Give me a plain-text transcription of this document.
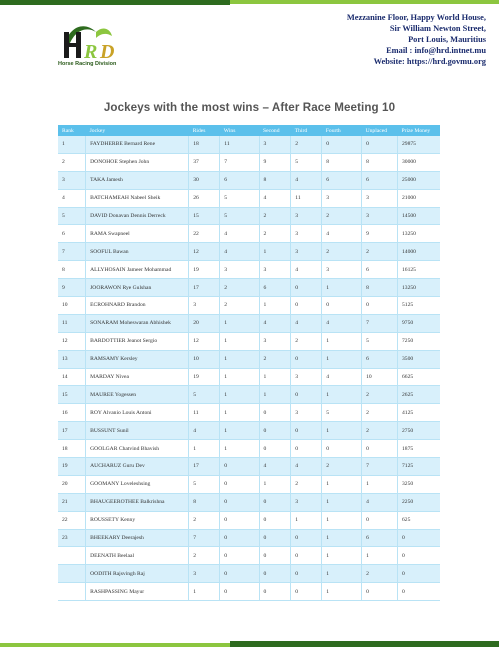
R D
Horse Racing Division
Mezzanine Floor, Happy World House,
Sir William Newton Street,
Port Louis, Mauritius
Email : info@hrd.intnet.mu
Website: https://hrd.govmu.org
Jockeys with the most wins – After Race Meeting 10
Rank	Jockey	Rides	Wins	Second	Third	Fourth	Unplaced	Prize Money
1	FAYDHERBE Bernard Rene	18	11	3	2	0	0	29875
2	DONOHOE Stephen John	37	7	9	5	8	8	30000
3	TAKA Jamesh	30	6	8	4	6	6	25000
4	BATCHAMEAH Nabeel Sheik	26	5	4	11	3	3	21000
5	DAVID Donavan Dennis Derreck	15	5	2	3	2	3	14500
6	RAMA Swapneel	22	4	2	3	4	9	13250
7	SOOFUL Bawan	12	4	1	3	2	2	14000
8	ALLYHOSAIN Jameer Mohammad	19	3	3	4	3	6	16125
9	JOORAWON Rye Gulshan	17	2	6	0	1	8	13250
10	ECROHNARD Brandon	3	2	1	0	0	0	5125
11	SONARAM Moheswaran Abhishek	20	1	4	4	4	7	9750
12	BARDOTTIER Jeanot Sergio	12	1	3	2	1	5	7250
13	RAMSAMY Kersley	10	1	2	0	1	6	3500
14	MARDAY Nivea	19	1	1	3	4	10	6625
15	MAUREE Yogessen	5	1	1	0	1	2	2625
16	ROY Alvanio Louis Antoni	11	1	0	3	5	2	4125
17	BUSSUNT Sunil	4	1	0	0	1	2	2750
18	GOOLGAR Chatvind Bhavish	1	1	0	0	0	0	1875
19	AUCHARUZ Guru Dev	17	0	4	4	2	7	7125
20	GOOMANY Loveleshsing	5	0	1	2	1	1	3250
21	BHAUGEEROTHEE Balkrishna	8	0	0	3	1	4	2250
22	ROUSSETY Kenny	2	0	0	1	1	0	625
23	BHEEKARY Deerajesh	7	0	0	0	1	6	0
	DEENATH Beelaal	2	0	0	0	1	1	0
	OODITH Rajsvingh Raj	3	0	0	0	1	2	0
	RASHPASSING Mayur	1	0	0	0	1	0	0
